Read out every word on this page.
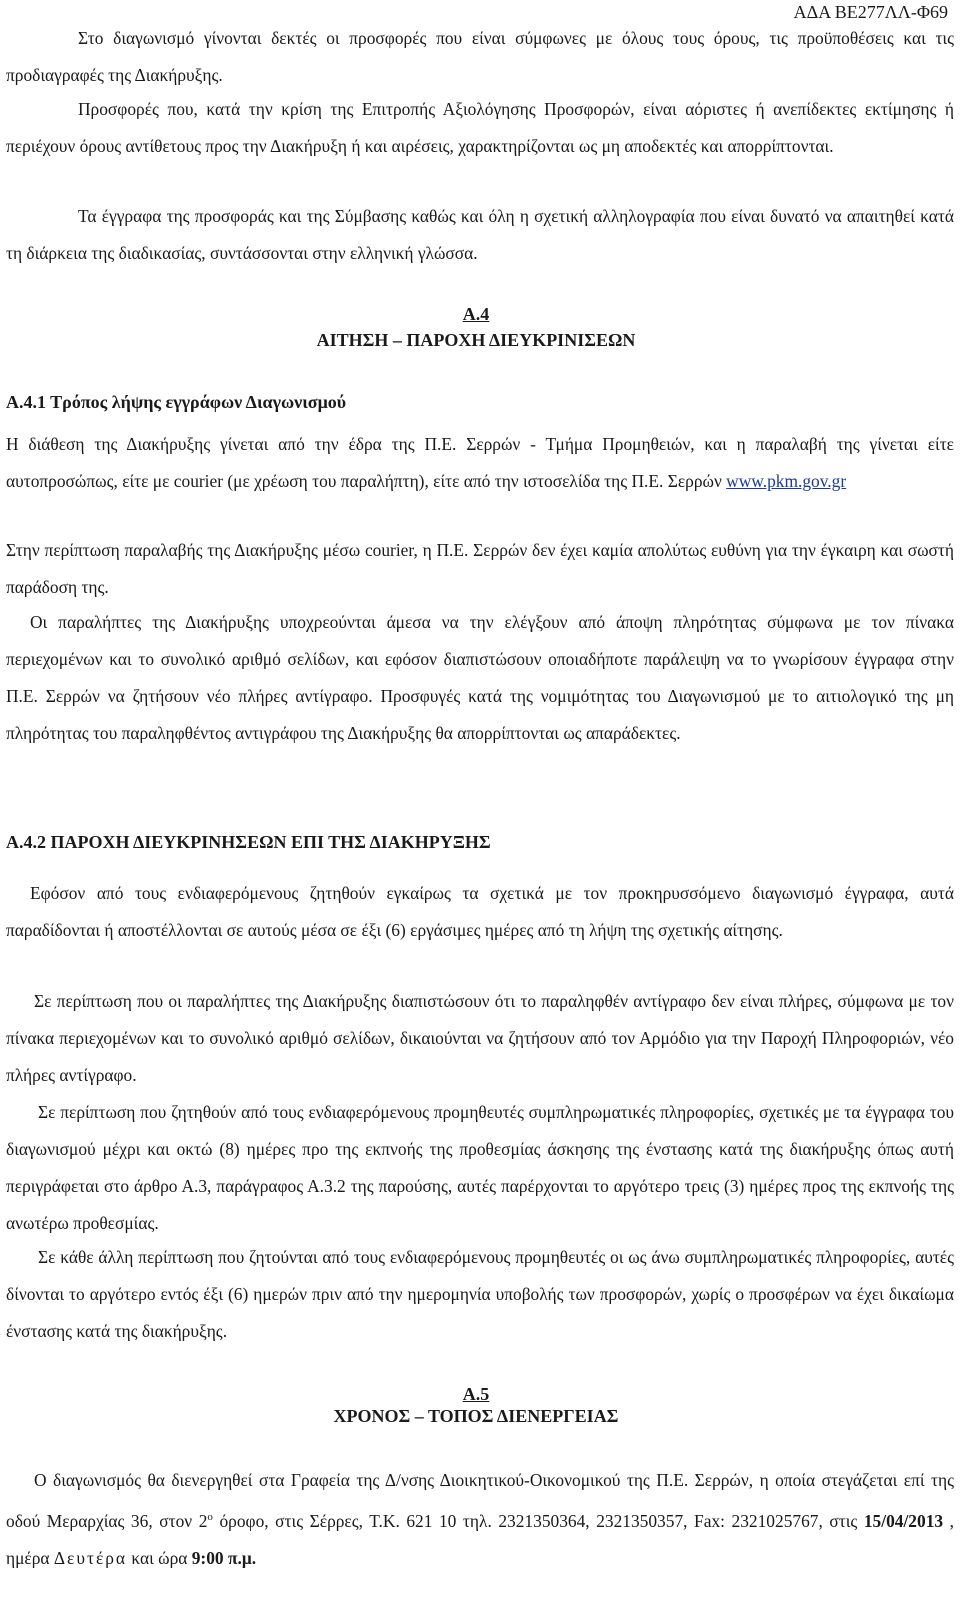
ΑΔΑ ΒΕ277ΛΛ-Φ69

Στο διαγωνισμό γίνονται δεκτές οι προσφορές που είναι σύμφωνες με όλους τους όρους, τις προϋποθέσεις και τις προδιαγραφές της Διακήρυξης.

Προσφορές που, κατά την κρίση της Επιτροπής Αξιολόγησης Προσφορών, είναι αόριστες ή ανεπίδεκτες εκτίμησης ή περιέχουν όρους αντίθετους προς την Διακήρυξη ή και αιρέσεις, χαρακτηρίζονται ως μη αποδεκτές και απορρίπτονται.

Τα έγγραφα της προσφοράς και της Σύμβασης καθώς και όλη η σχετική αλληλογραφία που είναι δυνατό να απαιτηθεί κατά τη διάρκεια της διαδικασίας, συντάσσονται στην ελληνική γλώσσα.

Α.4

ΑΙΤΗΣΗ – ΠΑΡΟΧΗ ΔΙΕΥΚΡΙΝΙΣΕΩΝ

Α.4.1 Τρόπος λήψης εγγράφων Διαγωνισμού

Η διάθεση της Διακήρυξης γίνεται από την έδρα της Π.Ε. Σερρών - Τμήμα Προμηθειών, και η παραλαβή της γίνεται είτε αυτοπροσώπως, είτε με courier (με χρέωση του παραλήπτη), είτε από την ιστοσελίδα της Π.Ε. Σερρών www.pkm.gov.gr

Στην περίπτωση παραλαβής της Διακήρυξης μέσω courier, η Π.Ε. Σερρών δεν έχει καμία απολύτως ευθύνη για την έγκαιρη και σωστή παράδοση της.

Οι παραλήπτες της Διακήρυξης υποχρεούνται άμεσα να την ελέγξουν από άποψη πληρότητας σύμφωνα με τον πίνακα περιεχομένων και το συνολικό αριθμό σελίδων, και εφόσον διαπιστώσουν οποιαδήποτε παράλειψη να το γνωρίσουν έγγραφα στην Π.Ε. Σερρών να ζητήσουν νέο πλήρες αντίγραφο. Προσφυγές κατά της νομιμότητας του Διαγωνισμού με το αιτιολογικό της μη πληρότητας του παραληφθέντος αντιγράφου της Διακήρυξης θα απορρίπτονται ως απαράδεκτες.

Α.4.2 ΠΑΡΟΧΗ ΔΙΕΥΚΡΙΝΗΣΕΩΝ ΕΠΙ ΤΗΣ ΔΙΑΚΗΡΥΞΗΣ

Εφόσον από τους ενδιαφερόμενους ζητηθούν εγκαίρως τα σχετικά με τον προκηρυσσόμενο διαγωνισμό έγγραφα, αυτά παραδίδονται ή αποστέλλονται σε αυτούς μέσα σε έξι (6) εργάσιμες ημέρες από τη λήψη της σχετικής αίτησης.

Σε περίπτωση που οι παραλήπτες της Διακήρυξης διαπιστώσουν ότι το παραληφθέν αντίγραφο δεν είναι πλήρες, σύμφωνα με τον πίνακα περιεχομένων και το συνολικό αριθμό σελίδων, δικαιούνται να ζητήσουν από τον Αρμόδιο για την Παροχή Πληροφοριών, νέο πλήρες αντίγραφο.

Σε περίπτωση που ζητηθούν από τους ενδιαφερόμενους προμηθευτές συμπληρωματικές πληροφορίες, σχετικές με τα έγγραφα του διαγωνισμού μέχρι και οκτώ (8) ημέρες προ της εκπνοής της προθεσμίας άσκησης της ένστασης κατά της διακήρυξης όπως αυτή περιγράφεται στο άρθρο Α.3, παράγραφος Α.3.2 της παρούσης, αυτές παρέρχονται το αργότερο τρεις (3) ημέρες προς της εκπνοής της ανωτέρω προθεσμίας.

Σε κάθε άλλη περίπτωση που ζητούνται από τους ενδιαφερόμενους προμηθευτές οι ως άνω συμπληρωματικές πληροφορίες, αυτές δίνονται το αργότερο εντός έξι (6) ημερών πριν από την ημερομηνία υποβολής των προσφορών, χωρίς ο προσφέρων να έχει δικαίωμα ένστασης κατά της διακήρυξης.

Α.5

ΧΡΟΝΟΣ – ΤΟΠΟΣ ΔΙΕΝΕΡΓΕΙΑΣ

Ο διαγωνισμός θα διενεργηθεί στα Γραφεία της Δ/νσης Διοικητικού-Οικονομικού της Π.Ε. Σερρών, η οποία στεγάζεται επί της οδού Μεραρχίας 36, στον $2^o$ όροφο, στις Σέρρες, Τ.Κ. 621 10 τηλ. 2321350364, 2321350357, Fax: 2321025767, στις 15/04/2013 , ημέρα Δευτέρα και ώρα 9:00 π.μ.
